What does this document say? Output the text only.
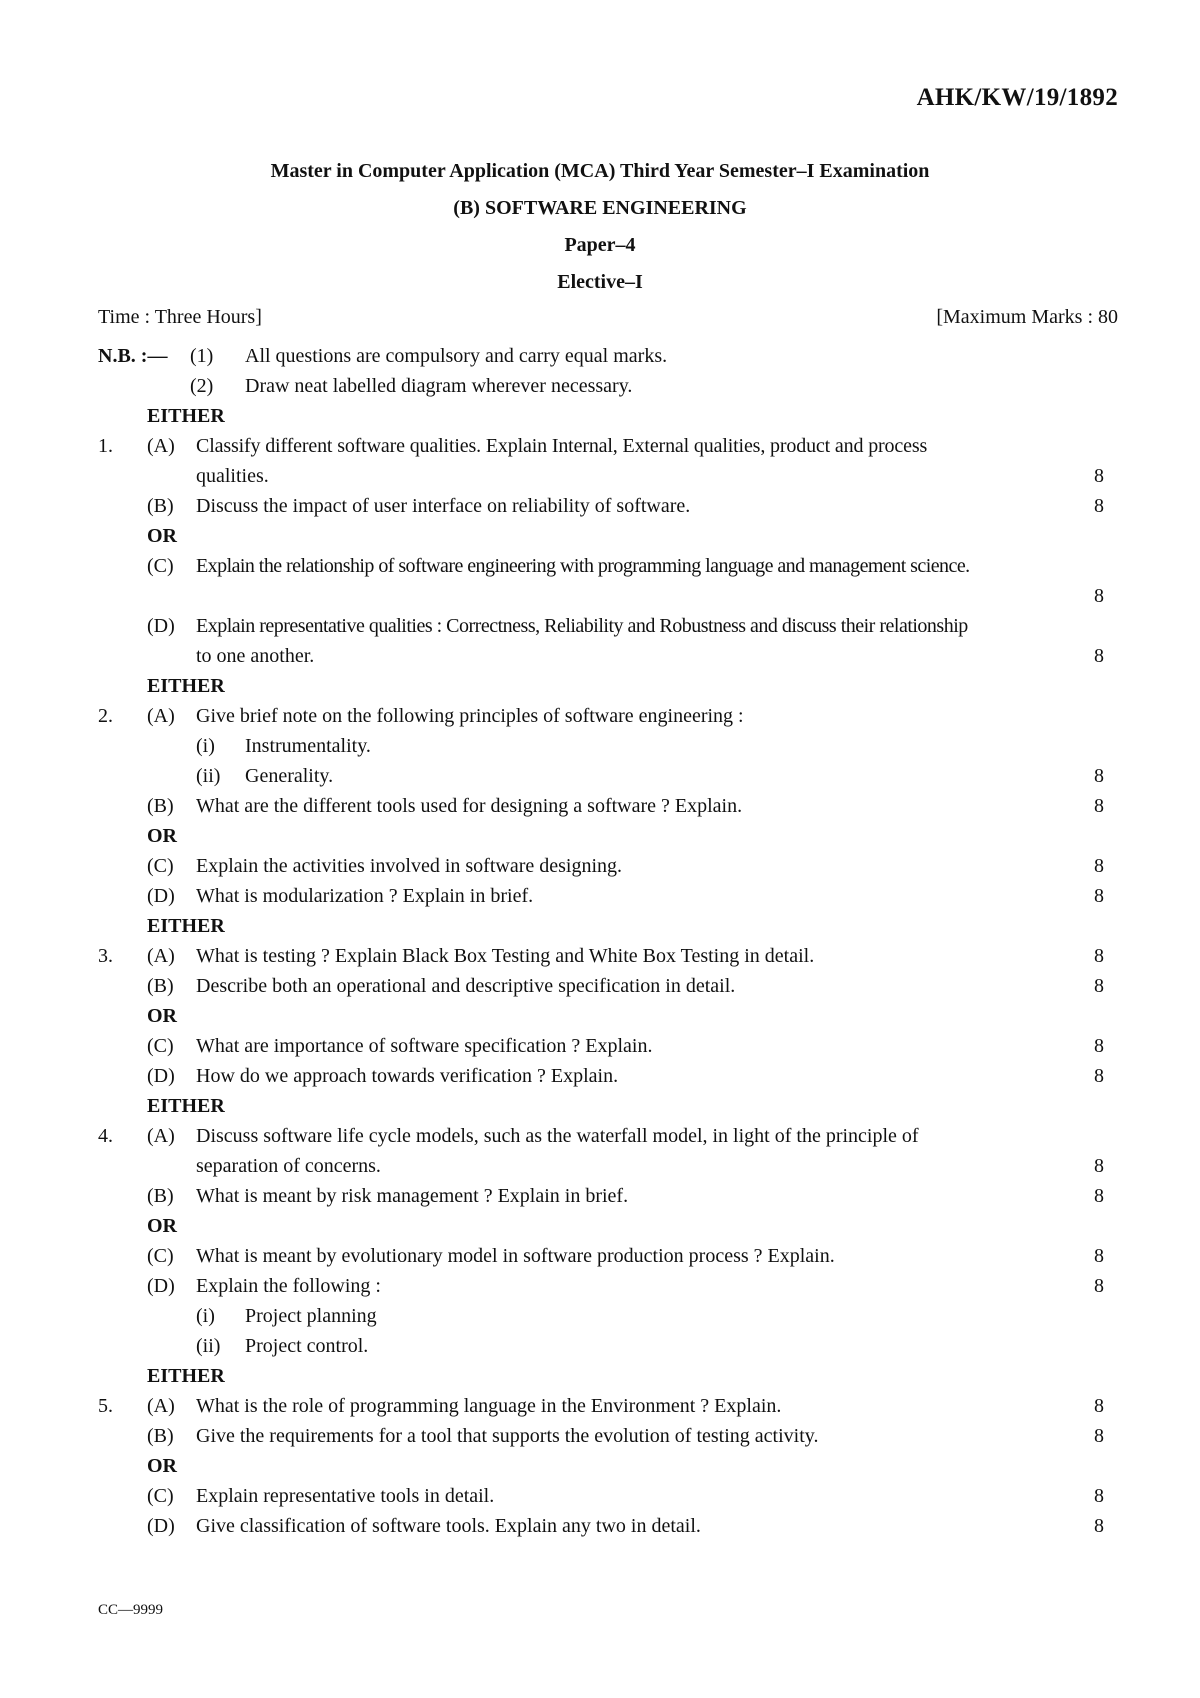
AHK/KW/19/1892
Master in Computer Application (MCA) Third Year Semester–I Examination
(B) SOFTWARE ENGINEERING
Paper–4
Elective–I
Time : Three Hours]	[Maximum Marks : 80
N.B. :— (1) All questions are compulsory and carry equal marks.
(2) Draw neat labelled diagram wherever necessary.
EITHER
1. (A) Classify different software qualities. Explain Internal, External qualities, product and process
qualities.	8
(B) Discuss the impact of user interface on reliability of software.	8
OR
(C) Explain the relationship of software engineering with programming language and management science.
8
(D) Explain representative qualities : Correctness, Reliability and Robustness and discuss their relationship
to one another.	8
EITHER
2. (A) Give brief note on the following principles of software engineering :
(i) Instrumentality.
(ii) Generality.	8
(B) What are the different tools used for designing a software ? Explain.	8
OR
(C) Explain the activities involved in software designing.	8
(D) What is modularization ? Explain in brief.	8
EITHER
3. (A) What is testing ? Explain Black Box Testing and White Box Testing in detail.	8
(B) Describe both an operational and descriptive specification in detail.	8
OR
(C) What are importance of software specification ? Explain.	8
(D) How do we approach towards verification ? Explain.	8
EITHER
4. (A) Discuss software life cycle models, such as the waterfall model, in light of the principle of
separation of concerns.	8
(B) What is meant by risk management ? Explain in brief.	8
OR
(C) What is meant by evolutionary model in software production process ? Explain.	8
(D) Explain the following :	8
(i) Project planning
(ii) Project control.
EITHER
5. (A) What is the role of programming language in the Environment ? Explain.	8
(B) Give the requirements for a tool that supports the evolution of testing activity.	8
OR
(C) Explain representative tools in detail.	8
(D) Give classification of software tools. Explain any two in detail.	8
CC—9999
